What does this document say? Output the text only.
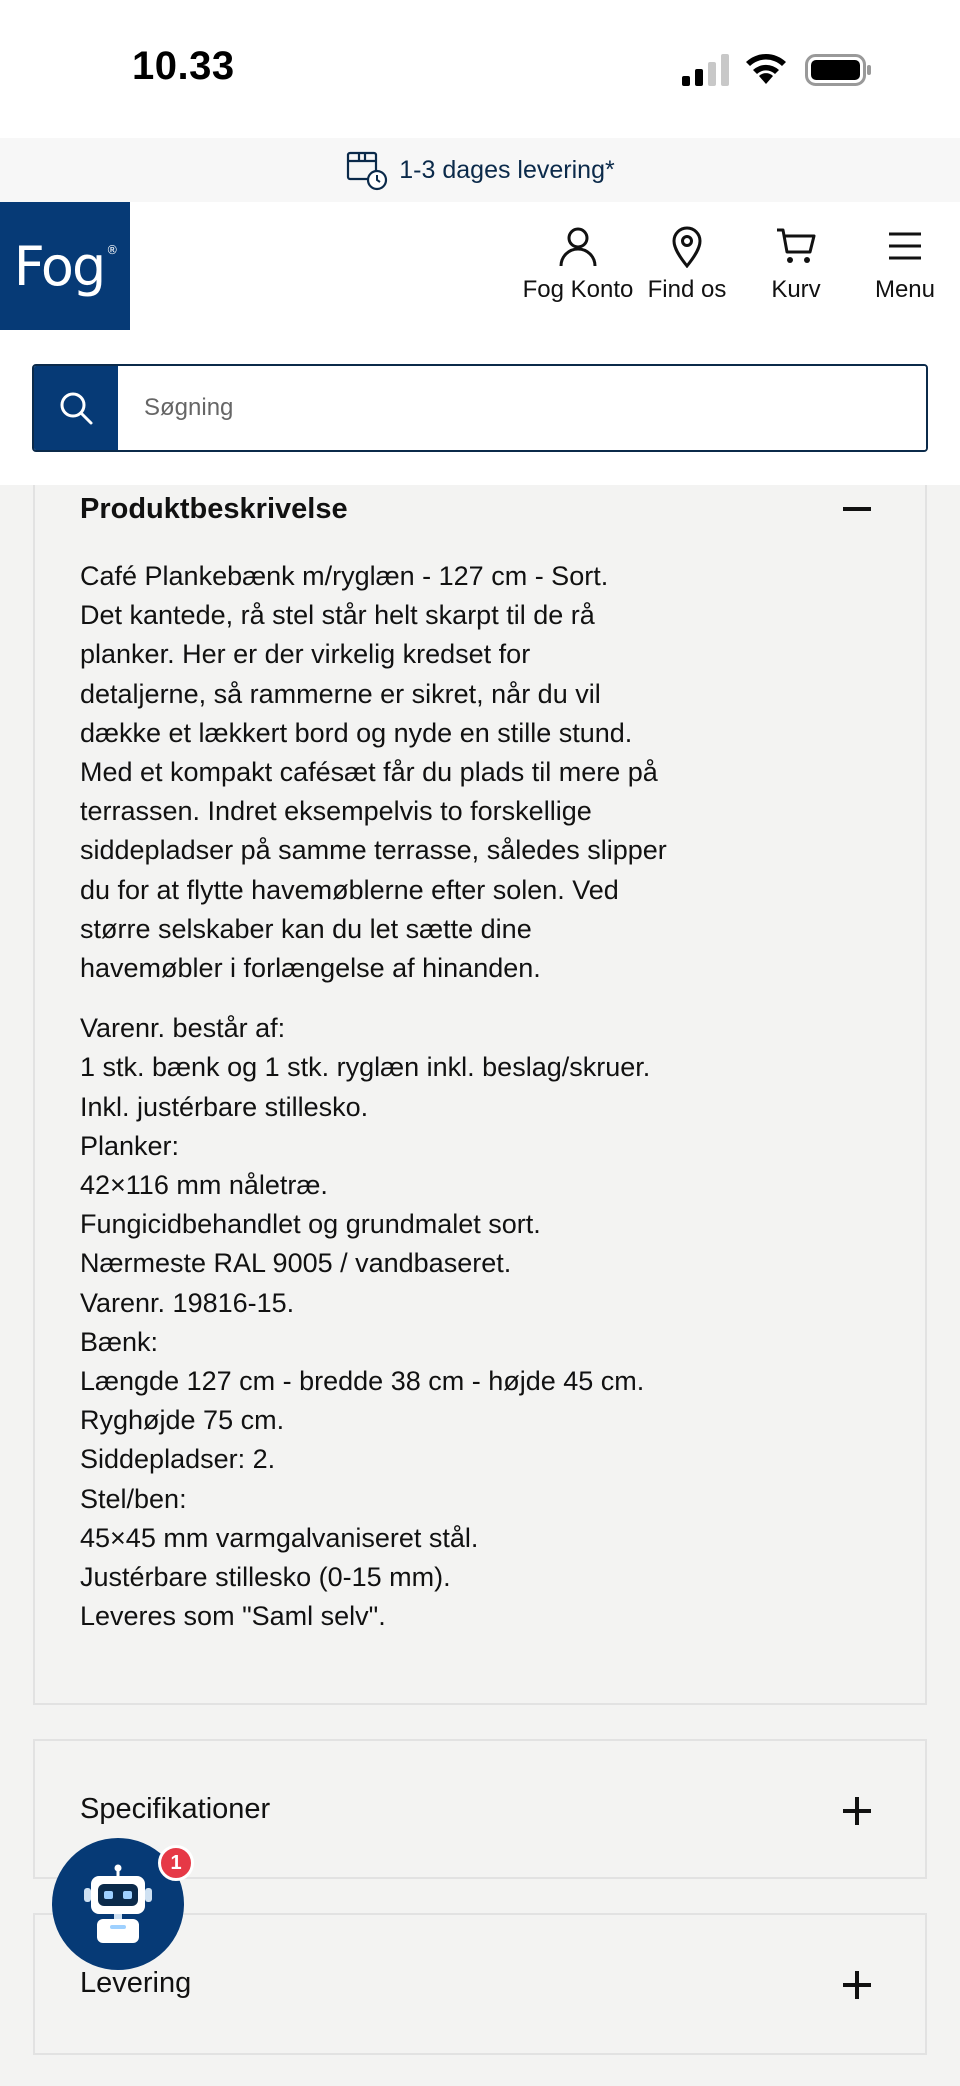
10.33
1-3 dages levering*
Fog®
Fog Konto Find os Kurv Menu
Søgning
Produktbeskrivelse

Café Plankebænk m/ryglæn - 127 cm - Sort.
Det kantede, rå stel står helt skarpt til de rå
planker. Her er der virkelig kredset for
detaljerne, så rammerne er sikret, når du vil
dække et lækkert bord og nyde en stille stund.
Med et kompakt cafésæt får du plads til mere på
terrassen. Indret eksempelvis to forskellige
siddepladser på samme terrasse, således slipper
du for at flytte havemøblerne efter solen. Ved
større selskaber kan du let sætte dine
havemøbler i forlængelse af hinanden.

Varenr. består af:
1 stk. bænk og 1 stk. ryglæn inkl. beslag/skruer.
Inkl. justérbare stillesko.
Planker:
42×116 mm nåletræ.
Fungicidbehandlet og grundmalet sort.
Nærmeste RAL 9005 / vandbaseret.
Varenr. 19816-15.
Bænk:
Længde 127 cm - bredde 38 cm - højde 45 cm.
Ryghøjde 75 cm.
Siddepladser: 2.
Stel/ben:
45×45 mm varmgalvaniseret stål.
Justérbare stillesko (0-15 mm).
Leveres som "Saml selv".

Specifikationer
Levering
1
